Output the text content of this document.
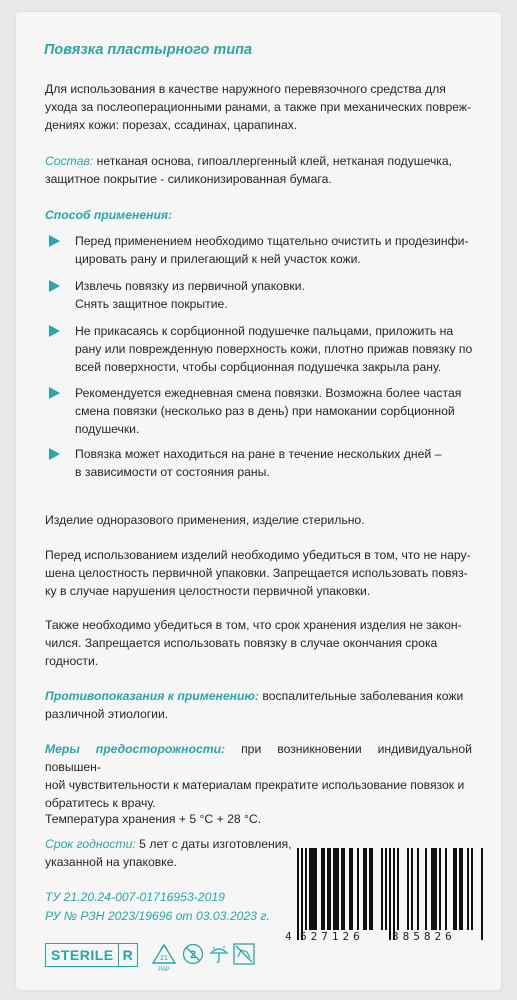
Повязка пластырного типа
Для использования в качестве наружного перевязочного средства для
ухода за послеоперационными ранами, а также при механических повреж-
дениях кожи: порезах, ссадинах, царапинах.
Состав: нетканая основа, гипоаллергенный клей, нетканая подушечка,
защитное покрытие - силиконизированная бумага.
Способ применения:
Перед применением необходимо тщательно очистить и продезинфи-
цировать рану и прилегающий к ней участок кожи.
Извлечь повязку из первичной упаковки.
Снять защитное покрытие.
Не прикасаясь к сорбционной подушечке пальцами, приложить на
рану или поврежденную поверхность кожи, плотно прижав повязку по
всей поверхности, чтобы сорбционная подушечка закрыла рану.
Рекомендуется ежедневная смена повязки. Возможна более частая
смена повязки (несколько раз в день) при намокании сорбционной
подушечки.
Повязка может находиться на ране в течение нескольких дней –
в зависимости от состояния раны.
Изделие одноразового применения, изделие стерильно.
Перед использованием изделий необходимо убедиться в том, что не нару-
шена целостность первичной упаковки. Запрещается использовать повяз-
ку в случае нарушения целостности первичной упаковки.
Также необходимо убедиться в том, что срок хранения изделия не закон-
чился. Запрещается использовать повязку в случае окончания срока
годности.
Противопоказания к применению: воспалительные заболевания кожи
различной этиологии.
Меры предосторожности: при возникновении индивидуальной повышен-
ной чувствительности к материалам прекратите использование повязок и
обратитесь к врачу.
Температура хранения + 5 °С + 28 °С.
Срок годности: 5 лет с даты изготовления,
указанной на упаковке.
ТУ 21.20.24-007-01716953-2019
РУ № РЗН 2023/19696 от 03.03.2023 г.
STERILE R	21
PAP
2
4 627126	385826
